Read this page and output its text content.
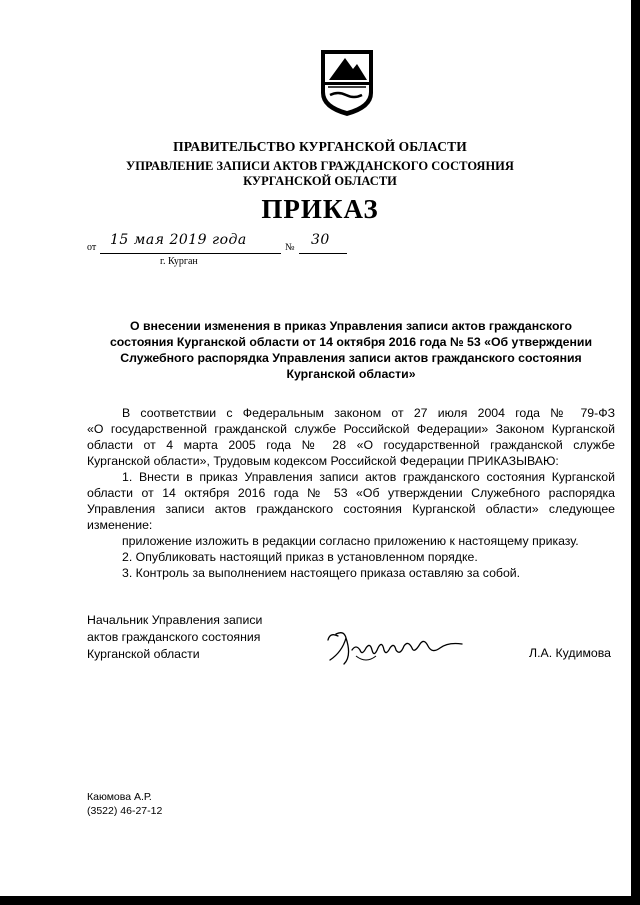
ПРАВИТЕЛЬСТВО КУРГАНСКОЙ ОБЛАСТИ
УПРАВЛЕНИЕ ЗАПИСИ АКТОВ ГРАЖДАНСКОГО СОСТОЯНИЯ
КУРГАНСКОЙ ОБЛАСТИ
ПРИКАЗ
от 15 мая 2019 года	№ 30
г. Курган
О внесении изменения в приказ Управления записи актов гражданского
состояния Курганской области от 14 октября 2016 года № 53 «Об утверждении
Служебного распорядка Управления записи актов гражданского состояния
Курганской области»
В соответствии с Федеральным законом от 27 июля 2004 года № 79-ФЗ
«О государственной гражданской службе Российской Федерации» Законом Курганской
области от 4 марта 2005 года № 28 «О государственной гражданской службе
Курганской области», Трудовым кодексом Российской Федерации ПРИКАЗЫВАЮ:
1. Внести в приказ Управления записи актов гражданского состояния Курганской
области от 14 октября 2016 года № 53 «Об утверждении Служебного распорядка
Управления записи актов гражданского состояния Курганской области» следующее
изменение:
приложение изложить в редакции согласно приложению к настоящему приказу.
2. Опубликовать настоящий приказ в установленном порядке.
3. Контроль за выполнением настоящего приказа оставляю за собой.
Начальник Управления записи
актов гражданского состояния
Курганской области	Л.А. Кудимова
Каюмова А.Р.
(3522) 46-27-12
